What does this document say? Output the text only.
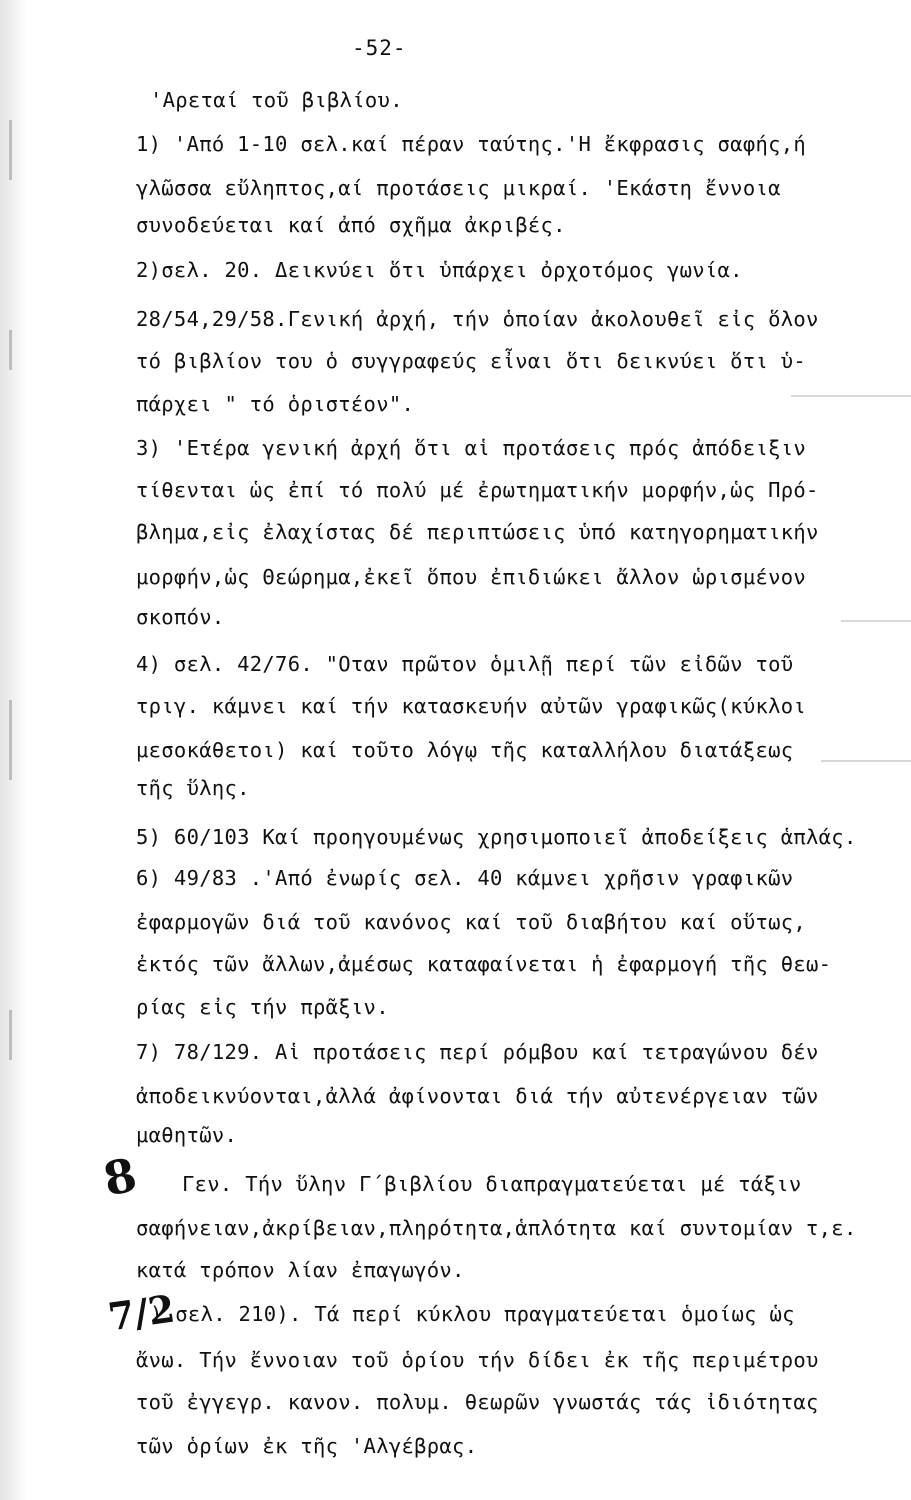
-52-
'Αρεταί τοῦ βιβλίου.
1) 'Από 1-10 σελ.καί πέραν ταύτης.'Η ἔκφρασις σαφής,ή
γλῶσσα εὔληπτος,αί προτάσεις μικραί. 'Εκάστη ἔννοια
συνοδεύεται καί ἀπό σχῆμα ἀκριβές.
2)σελ. 20. Δεικνύει ὅτι ὑπάρχει ὀρχοτόμος γωνία.
28/54,29/58.Γενική ἀρχή, τήν ὁποίαν ἀκολουθεῖ εἰς ὅλον
τό βιβλίον του ὁ συγγραφεύς εἶναι ὅτι δεικνύει ὅτι ὑ-
πάρχει " τό ὁριστέον".
3) 'Ετέρα γενική ἀρχή ὅτι αἱ προτάσεις πρός ἀπόδειξιν
τίθενται ὡς ἐπί τό πολύ μέ ἐρωτηματικήν μορφήν,ὡς Πρό-
βλημα,εἰς ἐλαχίστας δέ περιπτώσεις ὑπό κατηγορηματικήν
μορφήν,ὡς Θεώρημα,ἐκεῖ ὅπου ἐπιδιώκει ἄλλον ὡρισμένον
σκοπόν.
4) σελ. 42/76. "Οταν πρῶτον ὁμιλῇ περί τῶν εἰδῶν τοῦ
τριγ. κάμνει καί τήν κατασκευήν αὐτῶν γραφικῶς(κύκλοι
μεσοκάθετοι) καί τοῦτο λόγῳ τῆς καταλλήλου διατάξεως
τῆς ὕλης.
5) 60/103 Καί προηγουμένως χρησιμοποιεῖ ἀποδείξεις ἁπλάς.
6) 49/83 .'Από ἐνωρίς σελ. 40 κάμνει χρῆσιν γραφικῶν
ἐφαρμογῶν διά τοῦ κανόνος καί τοῦ διαβήτου καί οὕτως,
ἐκτός τῶν ἄλλων,ἀμέσως καταφαίνεται ἡ ἐφαρμογή τῆς θεω-
ρίας εἰς τήν πρᾶξιν.
7) 78/129. Αἱ προτάσεις περί ρόμβου καί τετραγώνου δέν
ἀποδεικνύονται,ἀλλά ἀφίνονται διά τήν αὐτενέργειαν τῶν
μαθητῶν.
Γεν. Τήν ὕλην Γ΄βιβλίου διαπραγματεύεται μέ τάξιν
σαφήνειαν,ἀκρίβειαν,πληρότητα,ἁπλότητα καί συντομίαν τ,ε.
κατά τρόπον λίαν ἐπαγωγόν.
) σελ. 210). Τά περί κύκλου πραγματεύεται ὁμοίως ὡς
ἄνω. Τήν ἔννοιαν τοῦ ὁρίου τήν δίδει ἐκ τῆς περιμέτρου
τοῦ ἐγγεγρ. κανον. πολυμ. θεωρῶν γνωστάς τάς ἰδιότητας
τῶν ὁρίων ἐκ τῆς 'Αλγέβρας.
8
7/2
